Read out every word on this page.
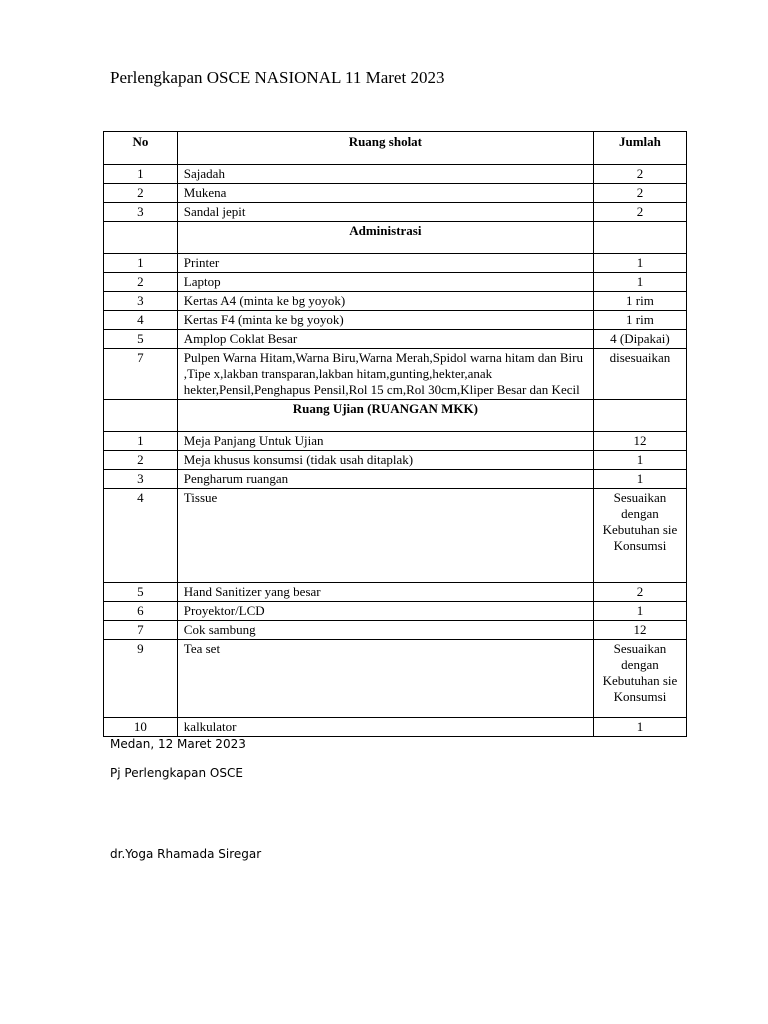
Perlengkapan OSCE NASIONAL 11 Maret 2023
No	Ruang sholat	Jumlah
1	Sajadah	2
2	Mukena	2
3	Sandal jepit	2
	Administrasi	
1	Printer	1
2	Laptop	1
3	Kertas A4 (minta ke bg yoyok)	1 rim
4	Kertas F4 (minta ke bg yoyok)	1 rim
5	Amplop Coklat Besar	4 (Dipakai)
7	Pulpen Warna Hitam,Warna Biru,Warna Merah,Spidol warna hitam dan Biru ,Tipe x,lakban transparan,lakban hitam,gunting,hekter,anak hekter,Pensil,Penghapus Pensil,Rol 15 cm,Rol 30cm,Kliper Besar dan Kecil	disesuaikan
	Ruang Ujian (RUANGAN MKK)	
1	Meja Panjang Untuk Ujian	12
2	Meja khusus konsumsi (tidak usah ditaplak)	1
3	Pengharum ruangan	1
4	Tissue	Sesuaikan dengan Kebutuhan sie Konsumsi
5	Hand Sanitizer yang besar	2
6	Proyektor/LCD	1
7	Cok sambung	12
9	Tea set	Sesuaikan dengan Kebutuhan sie Konsumsi
10	kalkulator	1
Medan, 12 Maret 2023
Pj Perlengkapan OSCE
dr.Yoga Rhamada Siregar
